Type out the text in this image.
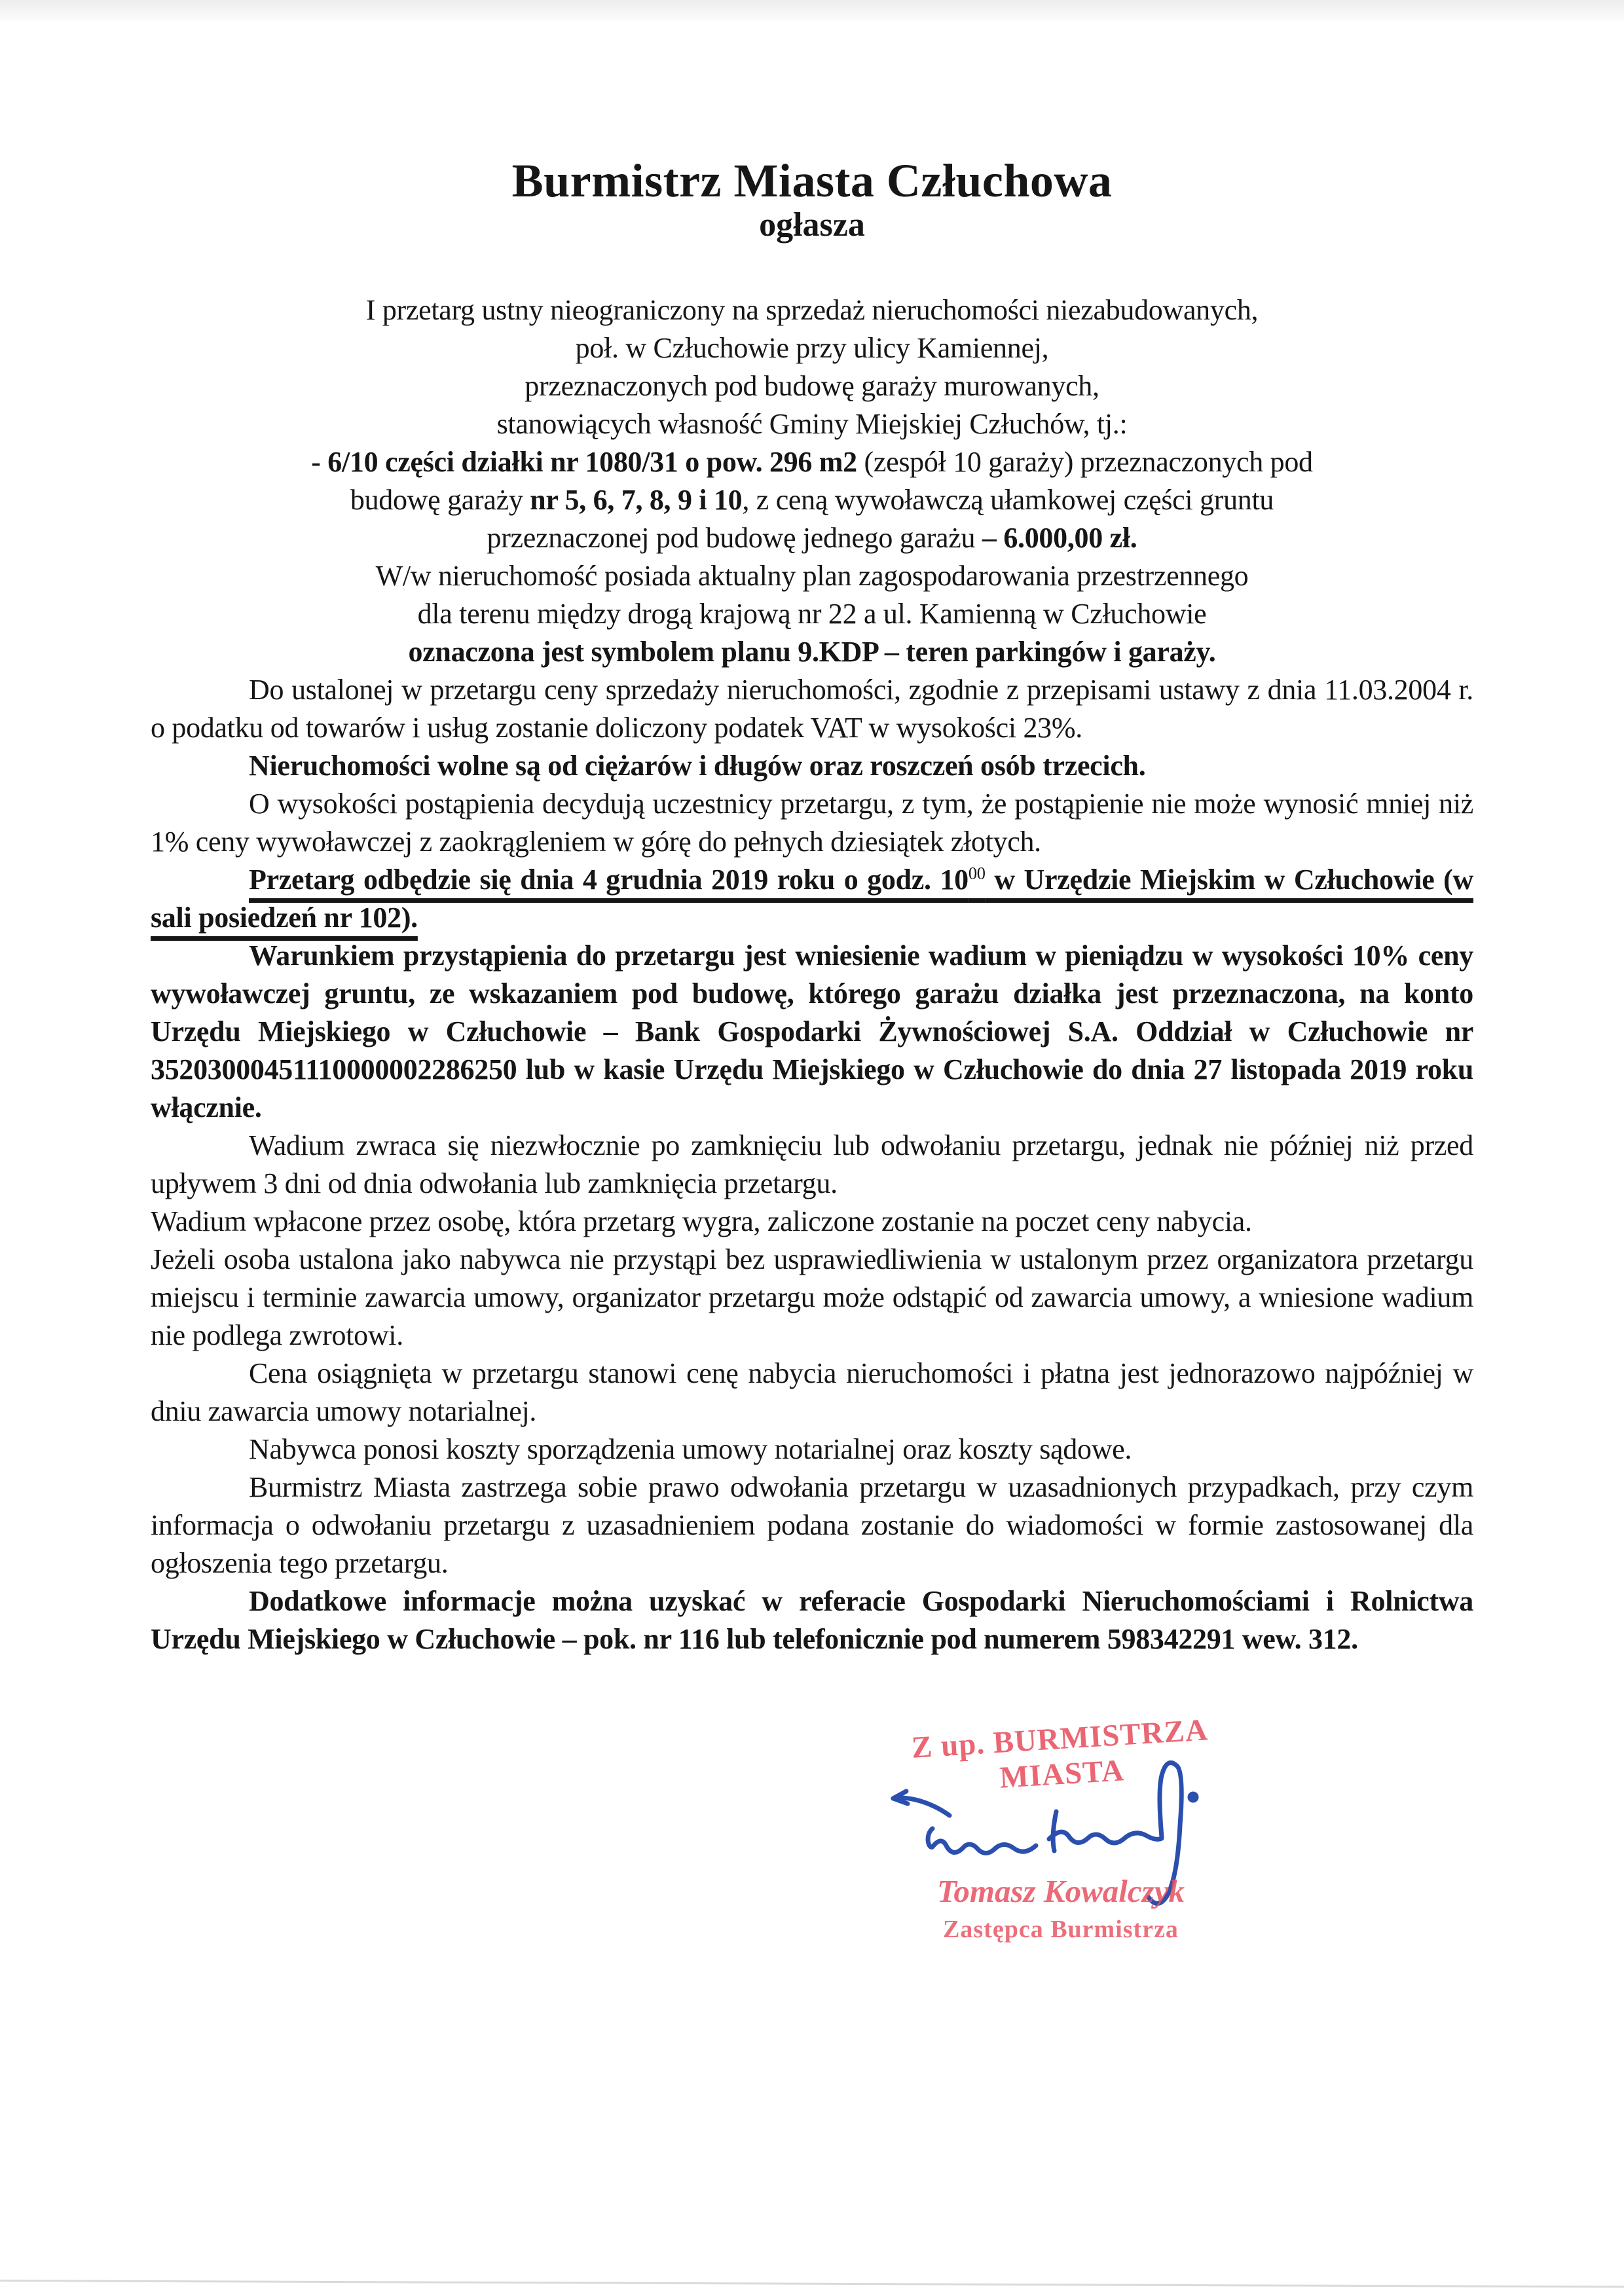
Burmistrz Miasta Człuchowa
ogłasza
I przetarg ustny nieograniczony na sprzedaż nieruchomości niezabudowanych,
poł. w Człuchowie przy ulicy Kamiennej,
przeznaczonych pod budowę garaży murowanych,
stanowiących własność Gminy Miejskiej Człuchów, tj.:
- 6/10 części działki nr 1080/31 o pow. 296 m2 (zespół 10 garaży) przeznaczonych pod
budowę garaży nr 5, 6, 7, 8, 9 i 10, z ceną wywoławczą ułamkowej części gruntu
przeznaczonej pod budowę jednego garażu – 6.000,00 zł.
W/w nieruchomość posiada aktualny plan zagospodarowania przestrzennego
dla terenu między drogą krajową nr 22 a ul. Kamienną w Człuchowie
oznaczona jest symbolem planu 9.KDP – teren parkingów i garaży.

Do ustalonej w przetargu ceny sprzedaży nieruchomości, zgodnie z przepisami ustawy z dnia 11.03.2004 r. o podatku od towarów i usług zostanie doliczony podatek VAT w wysokości 23%.

Nieruchomości wolne są od ciężarów i długów oraz roszczeń osób trzecich.

O wysokości postąpienia decydują uczestnicy przetargu, z tym, że postąpienie nie może wynosić mniej niż 1% ceny wywoławczej z zaokrągleniem w górę do pełnych dziesiątek złotych.

Przetarg odbędzie się dnia 4 grudnia 2019 roku o godz. $10^{00}$ w Urzędzie Miejskim w Człuchowie (w sali posiedzeń nr 102).

Warunkiem przystąpienia do przetargu jest wniesienie wadium w pieniądzu w wysokości 10% ceny wywoławczej gruntu, ze wskazaniem pod budowę, którego garażu działka jest przeznaczona, na konto Urzędu Miejskiego w Człuchowie – Bank Gospodarki Żywnościowej S.A. Oddział w Człuchowie nr 35203000451110000002286250 lub w kasie Urzędu Miejskiego w Człuchowie do dnia 27 listopada 2019 roku włącznie.

Wadium zwraca się niezwłocznie po zamknięciu lub odwołaniu przetargu, jednak nie później niż przed upływem 3 dni od dnia odwołania lub zamknięcia przetargu.

Wadium wpłacone przez osobę, która przetarg wygra, zaliczone zostanie na poczet ceny nabycia.

Jeżeli osoba ustalona jako nabywca nie przystąpi bez usprawiedliwienia w ustalonym przez organizatora przetargu miejscu i terminie zawarcia umowy, organizator przetargu może odstąpić od zawarcia umowy, a wniesione wadium nie podlega zwrotowi.

Cena osiągnięta w przetargu stanowi cenę nabycia nieruchomości i płatna jest jednorazowo najpóźniej w dniu zawarcia umowy notarialnej.

Nabywca ponosi koszty sporządzenia umowy notarialnej oraz koszty sądowe.

Burmistrz Miasta zastrzega sobie prawo odwołania przetargu w uzasadnionych przypadkach, przy czym informacja o odwołaniu przetargu z uzasadnieniem podana zostanie do wiadomości w formie zastosowanej dla ogłoszenia tego przetargu.

Dodatkowe informacje można uzyskać w referacie Gospodarki Nieruchomościami i Rolnictwa Urzędu Miejskiego w Człuchowie – pok. nr 116 lub telefonicznie pod numerem 598342291 wew. 312.

Z up. BURMISTRZA MIASTA
Tomasz Kowalczyk
Zastępca Burmistrza
